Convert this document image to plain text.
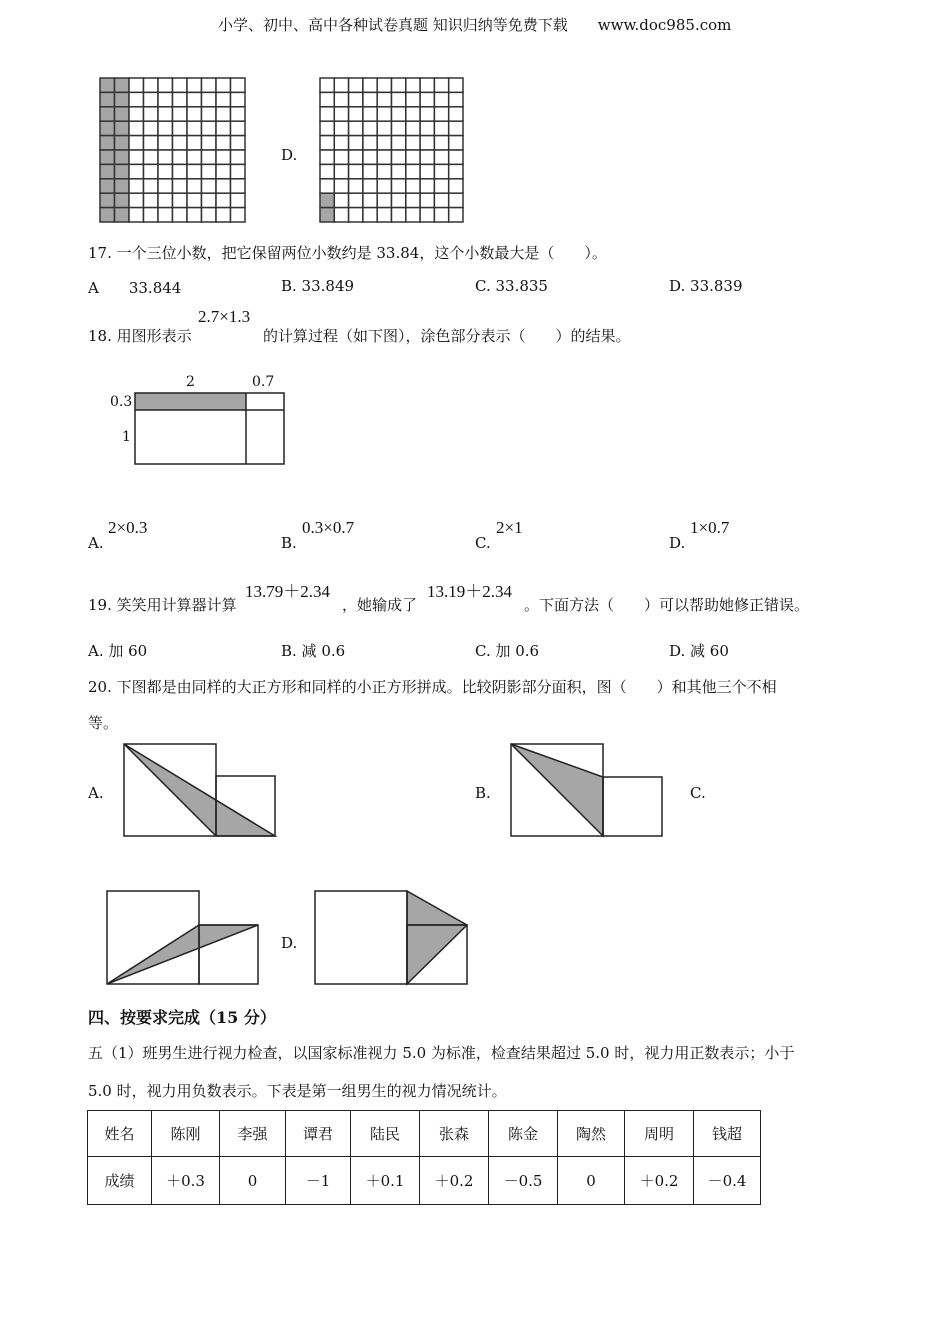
小学、初中、高中各种试卷真题 知识归纳等免费下载　　www.doc985.com
D.
17. 一个三位小数，把它保留两位小数约是 33.84，这个小数最大是（　　）。
A　　33.844	B. 33.849	C. 33.835	D. 33.839
18. 用图形表示
2.7×1.3
的计算过程（如下图），涂色部分表示（　　）的结果。
2	0.7
0.3
1
A.
2×0.3
B.
0.3×0.7
C.
2×1
D.
1×0.7
19. 笑笑用计算器计算
13.79＋2.34
，她输成了
13.19＋2.34
。下面方法（　　）可以帮助她修正错误。
A. 加 60	B. 减 0.6	C. 加 0.6	D. 减 60
20. 下图都是由同样的大正方形和同样的小正方形拼成。比较阴影部分面积，图（　　）和其他三个不相
等。
A.	B.	C.
D.
四、按要求完成（15 分）
五（1）班男生进行视力检查，以国家标准视力 5.0 为标准，检查结果超过 5.0 时，视力用正数表示；小于
5.0 时，视力用负数表示。下表是第一组男生的视力情况统计。
姓名	陈刚	李强	谭君	陆民	张森	陈金	陶然	周明	钱超
成绩	＋0.3	0	－1	＋0.1	＋0.2	－0.5	0	＋0.2	－0.4
